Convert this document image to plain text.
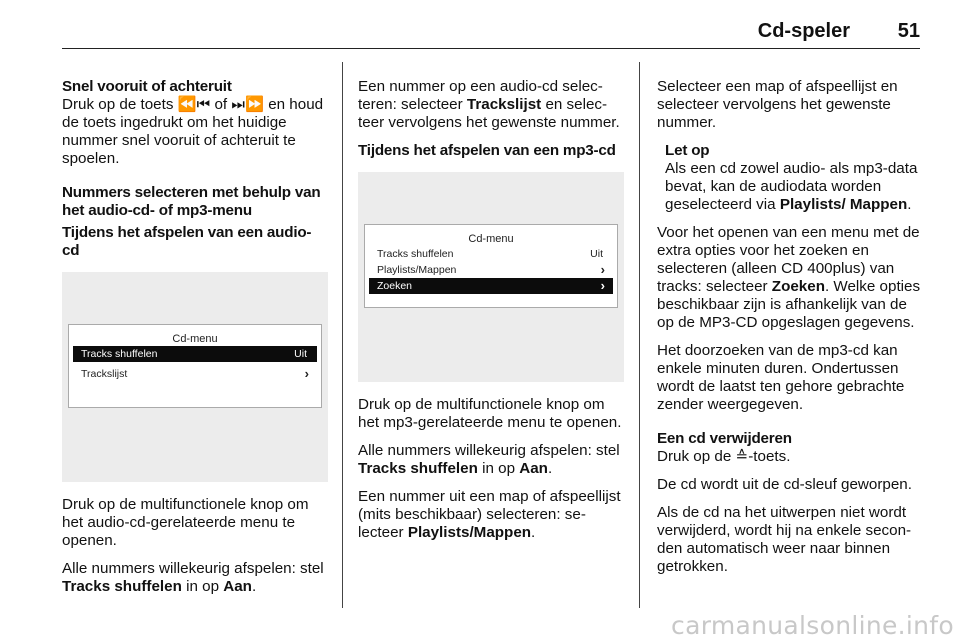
Cd-speler 51

Snel vooruit of achteruit

Druk op de toets ⏪⏮ of ⏭⏩ en houd de toets ingedrukt om het huidige nummer snel vooruit of achteruit te spoelen.

Nummers selecteren met behulp van het audio-cd- of mp3-menu

Tijdens het afspelen van een audio-cd

Cd-menu
Tracks shuffelen	Uit
Trackslijst	›

Druk op de multifunctionele knop om het audio-cd-gerelateerde menu te openen.

Alle nummers willekeurig afspelen: stel Tracks shuffelen in op Aan.

Een nummer op een audio-cd selecteren: selecteer Trackslijst en selecteer vervolgens het gewenste nummer.

Tijdens het afspelen van een mp3-cd

Cd-menu
Tracks shuffelen	Uit
Playlists/Mappen	›
Zoeken	›

Druk op de multifunctionele knop om het mp3-gerelateerde menu te openen.

Alle nummers willekeurig afspelen: stel Tracks shuffelen in op Aan.

Een nummer uit een map of afspeellijst (mits beschikbaar) selecteren: selecteer Playlists/Mappen.

Selecteer een map of afspeellijst en selecteer vervolgens het gewenste nummer.

Let op

Als een cd zowel audio- als mp3-data bevat, kan de audiodata worden geselecteerd via Playlists/ Mappen.

Voor het openen van een menu met de extra opties voor het zoeken en selecteren (alleen CD 400plus) van tracks: selecteer Zoeken. Welke opties beschikbaar zijn is afhankelijk van de op de MP3-CD opgeslagen gegevens.

Het doorzoeken van de mp3-cd kan enkele minuten duren. Ondertussen wordt de laatst ten gehore gebrachte zender weergegeven.

Een cd verwijderen

Druk op de ≙-toets.

De cd wordt uit de cd-sleuf geworpen.

Als de cd na het uitwerpen niet wordt verwijderd, wordt hij na enkele seconden automatisch weer naar binnen getrokken.

carmanualsonline.info
